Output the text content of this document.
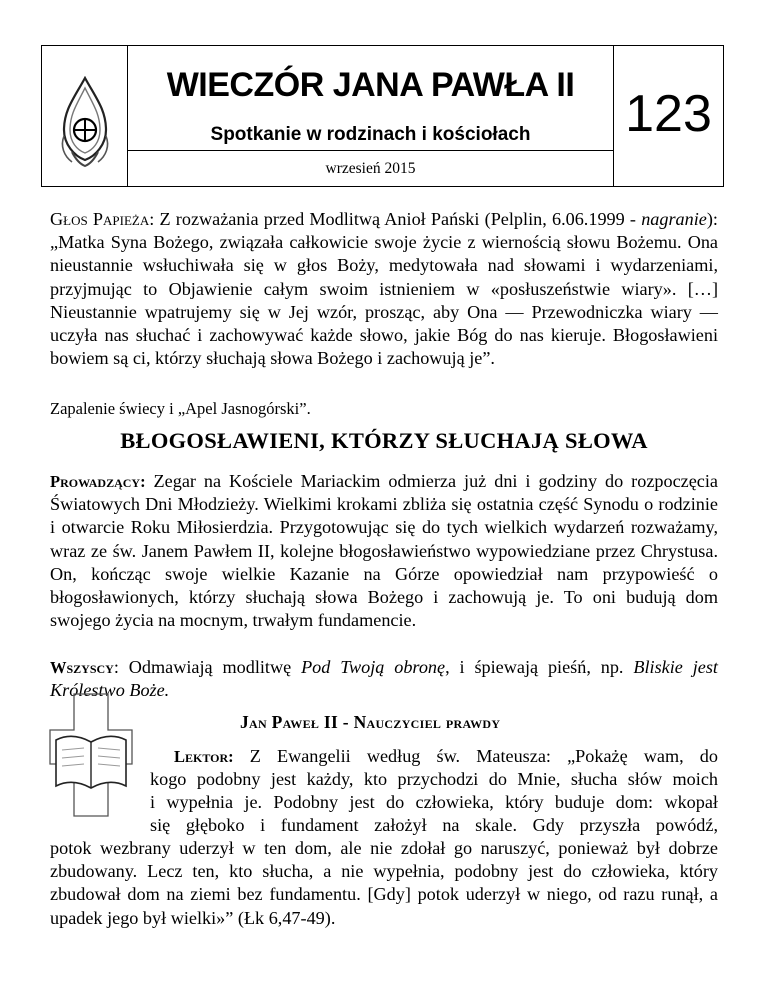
WIECZÓR JANA PAWŁA II
Spotkanie w rodzinach i kościołach
wrzesień 2015
123

Głos Papieża: Z rozważania przed Modlitwą Anioł Pański (Pelplin, 6.06.1999 - nagranie): „Matka Syna Bożego, związała całkowicie swoje życie z wiernością słowu Bożemu. Ona nieustannie wsłuchiwała się w głos Boży, medytowała nad słowami i wydarzeniami, przyjmując to Objawienie całym swoim istnieniem w «posłuszeństwie wiary». […] Nieustannie wpatrujemy się w Jej wzór, prosząc, aby Ona — Przewodniczka wiary — uczyła nas słuchać i zachowywać każde słowo, jakie Bóg do nas kieruje. Błogosławieni bowiem są ci, którzy słuchają słowa Bożego i zachowują je”.

Zapalenie świecy i „Apel Jasnogórski”.

BŁOGOSŁAWIENI, KTÓRZY SŁUCHAJĄ SŁOWA

Prowadzący: Zegar na Kościele Mariackim odmierza już dni i godziny do rozpoczęcia Światowych Dni Młodzieży. Wielkimi krokami zbliża się ostatnia część Synodu o rodzinie i otwarcie Roku Miłosierdzia. Przygotowując się do tych wielkich wydarzeń rozważamy, wraz ze św. Janem Pawłem II, kolejne błogosławieństwo wypowiedziane przez Chrystusa. On, kończąc swoje wielkie Kazanie na Górze opowiedział nam przypowieść o błogosławionych, którzy słuchają słowa Bożego i zachowują je. To oni budują dom swojego życia na mocnym, trwałym fundamencie.

Wszyscy: Odmawiają modlitwę Pod Twoją obronę, i śpiewają pieśń, np. Bliskie jest Królestwo Boże.

Jan Paweł II - Nauczyciel prawdy
Lektor: Z Ewangelii według św. Mateusza: „Pokażę wam, do
kogo podobny jest każdy, kto przychodzi do Mnie, słucha słów moich
i wypełnia je. Podobny jest do człowieka, który buduje dom: wkopał
się głęboko i fundament założył na skale. Gdy przyszła powódź,

potok wezbrany uderzył w ten dom, ale nie zdołał go naruszyć, ponieważ był dobrze zbudowany. Lecz ten, kto słucha, a nie wypełnia, podobny jest do człowieka, który zbudował dom na ziemi bez fundamentu. [Gdy] potok uderzył w niego, od razu runął, a upadek jego był wielki»” (Łk 6,47-49).
